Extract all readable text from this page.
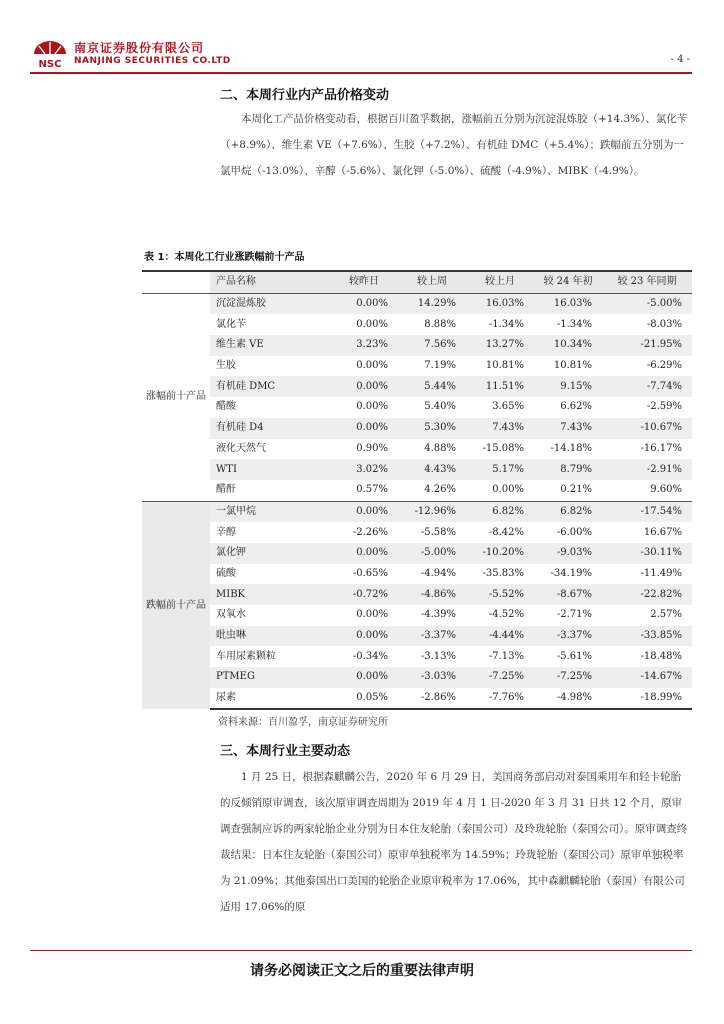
NSC
南京证券股份有限公司
NANJING SECURITIES CO.LTD	- 4 -
二、本周行业内产品价格变动

本周化工产品价格变动看，根据百川盈孚数据，涨幅前五分别为沉淀混炼胶（+14.3%）、氯化苄（+8.9%）、维生素 VE（+7.6%）、生胶（+7.2%）、有机硅 DMC（+5.4%）；跌幅前五分别为一氯甲烷（-13.0%）、辛醇（-5.6%）、氯化钾（-5.0%）、硫酸（-4.9%）、MIBK（-4.9%）。

表 1：本周化工行业涨跌幅前十产品
	产品名称	较昨日	较上周	较上月	较 24 年初	较 23 年同期
涨幅前十产品	沉淀混炼胶	0.00%	14.29%	16.03%	16.03%	-5.00%
	氯化苄	0.00%	8.88%	-1.34%	-1.34%	-8.03%
	维生素 VE	3.23%	7.56%	13.27%	10.34%	-21.95%
	生胶	0.00%	7.19%	10.81%	10.81%	-6.29%
	有机硅 DMC	0.00%	5.44%	11.51%	9.15%	-7.74%
	醋酸	0.00%	5.40%	3.65%	6.62%	-2.59%
	有机硅 D4	0.00%	5.30%	7.43%	7.43%	-10.67%
	液化天然气	0.90%	4.88%	-15.08%	-14.18%	-16.17%
	WTI	3.02%	4.43%	5.17%	8.79%	-2.91%
	醋酐	0.57%	4.26%	0.00%	0.21%	9.60%
跌幅前十产品	一氯甲烷	0.00%	-12.96%	6.82%	6.82%	-17.54%
	辛醇	-2.26%	-5.58%	-8.42%	-6.00%	16.67%
	氯化钾	0.00%	-5.00%	-10.20%	-9.03%	-30.11%
	硫酸	-0.65%	-4.94%	-35.83%	-34.19%	-11.49%
	MIBK	-0.72%	-4.86%	-5.52%	-8.67%	-22.82%
	双氧水	0.00%	-4.39%	-4.52%	-2.71%	2.57%
	吡虫啉	0.00%	-3.37%	-4.44%	-3.37%	-33.85%
	车用尿素颗粒	-0.34%	-3.13%	-7.13%	-5.61%	-18.48%
	PTMEG	0.00%	-3.03%	-7.25%	-7.25%	-14.67%
	尿素	0.05%	-2.86%	-7.76%	-4.98%	-18.99%
资料来源：百川盈孚，南京证券研究所
三、本周行业主要动态

1 月 25 日，根据森麒麟公告，2020 年 6 月 29 日，美国商务部启动对泰国乘用车和轻卡轮胎的反倾销原审调查，该次原审调查周期为 2019 年 4 月 1 日-2020 年 3 月 31 日共 12 个月，原审调查强制应诉的两家轮胎企业分别为日本住友轮胎（泰国公司）及玲珑轮胎（泰国公司）。原审调查终裁结果：日本住友轮胎（泰国公司）原审单独税率为 14.59%；玲珑轮胎（泰国公司）原审单独税率为 21.09%；其他泰国出口美国的轮胎企业原审税率为 17.06%，其中森麒麟轮胎（泰国）有限公司适用 17.06%的原

请务必阅读正文之后的重要法律声明
